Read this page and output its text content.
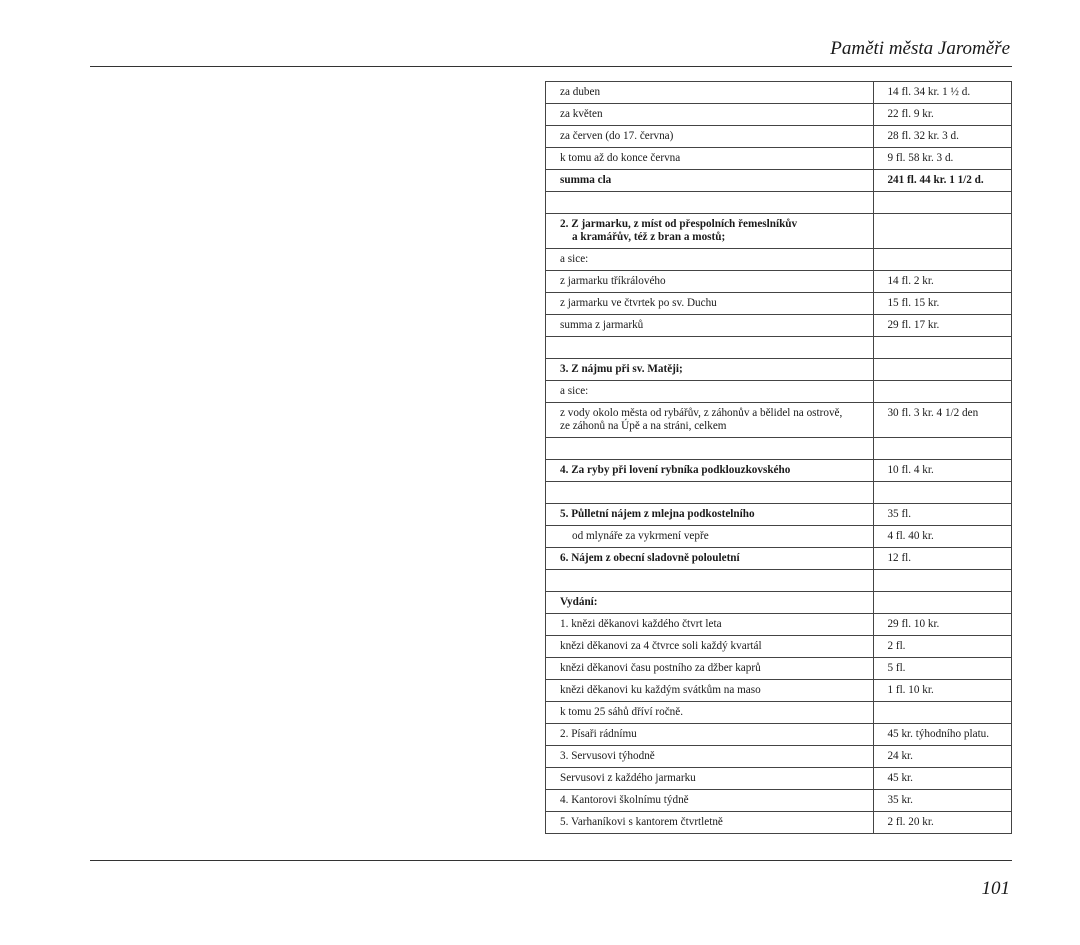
Paměti města Jaroměře
za duben	14 fl. 34 kr. 1 ½ d.
za květen	22 fl. 9 kr.
za červen (do 17. června)	28 fl. 32 kr. 3 d.
k tomu až do konce června	9 fl. 58 kr. 3 d.
summa cla	241 fl. 44 kr. 1 1/2 d.

2. Z jarmarku, z míst od přespolních řemeslníkův
a kramářův, též z bran a mostů;	

a sice:	
z jarmarku tříkrálového	14 fl. 2 kr.
z jarmarku ve čtvrtek po sv. Duchu	15 fl. 15 kr.
summa z jarmarků	29 fl. 17 kr.

3. Z nájmu při sv. Matěji;	
a sice:	
z vody okolo města od rybářův, z záhonův a bělidel na ostrově,
ze záhonů na Úpě a na stráni, celkem	30 fl. 3 kr. 4 1/2 den

4. Za ryby při lovení rybníka podklouzkovského	10 fl. 4 kr.

5. Půlletní nájem z mlejna podkostelního	35 fl.
od mlynáře za vykrmení vepře	4 fl. 40 kr.
6. Nájem z obecní sladovně polouletní	12 fl.

Vydání:	
1. knězi děkanovi každého čtvrt leta	29 fl. 10 kr.
knězi děkanovi za 4 čtvrce soli každý kvartál	2 fl.
knězi děkanovi času postního za džber kaprů	5 fl.
knězi děkanovi ku každým svátkům na maso	1 fl. 10 kr.
k tomu 25 sáhů dříví ročně.	
2. Písaři rádnímu	45 kr. týhodního platu.
3. Servusovi týhodně	24 kr.
Servusovi z každého jarmarku	45 kr.
4. Kantorovi školnímu týdně	35 kr.
5. Varhaníkovi s kantorem čtvrtletně	2 fl. 20 kr.
101
